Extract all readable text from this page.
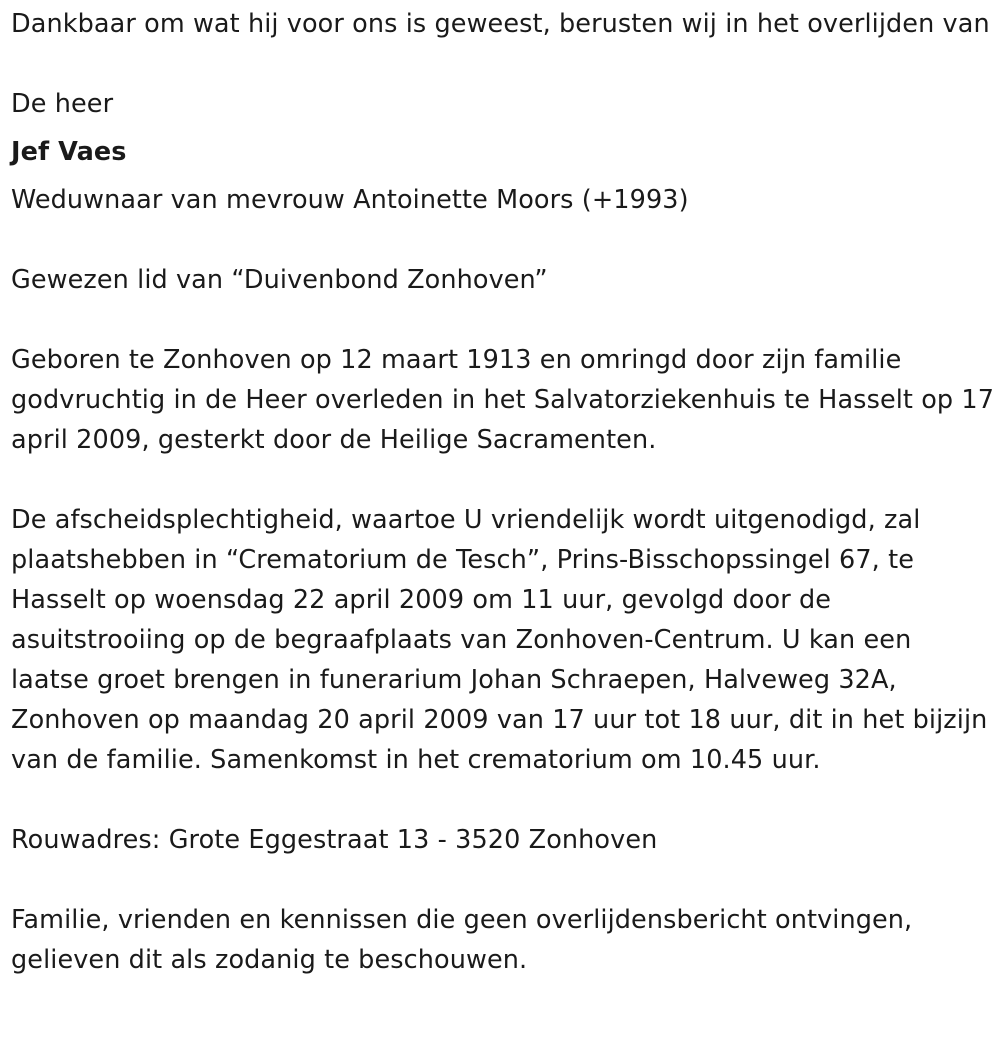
Dankbaar om wat hij voor ons is geweest, berusten wij in het overlijden van

De heer

Jef Vaes

Weduwnaar van mevrouw Antoinette Moors (+1993)

Gewezen lid van “Duivenbond Zonhoven”

Geboren te Zonhoven op 12 maart 1913 en omringd door zijn familie godvruchtig in de Heer overleden in het Salvatorziekenhuis te Hasselt op 17 april 2009, gesterkt door de Heilige Sacramenten.

De afscheidsplechtigheid, waartoe U vriendelijk wordt uitgenodigd, zal plaatshebben in “Crematorium de Tesch”, Prins-Bisschopssingel 67, te Hasselt op woensdag 22 april 2009 om 11 uur, gevolgd door de asuitstrooiing op de begraafplaats van Zonhoven-Centrum. U kan een laatse groet brengen in funerarium Johan Schraepen, Halveweg 32A, Zonhoven op maandag 20 april 2009 van 17 uur tot 18 uur, dit in het bijzijn van de familie. Samenkomst in het crematorium om 10.45 uur.

Rouwadres: Grote Eggestraat 13 - 3520 Zonhoven

Familie, vrienden en kennissen die geen overlijdensbericht ontvingen, gelieven dit als zodanig te beschouwen.
